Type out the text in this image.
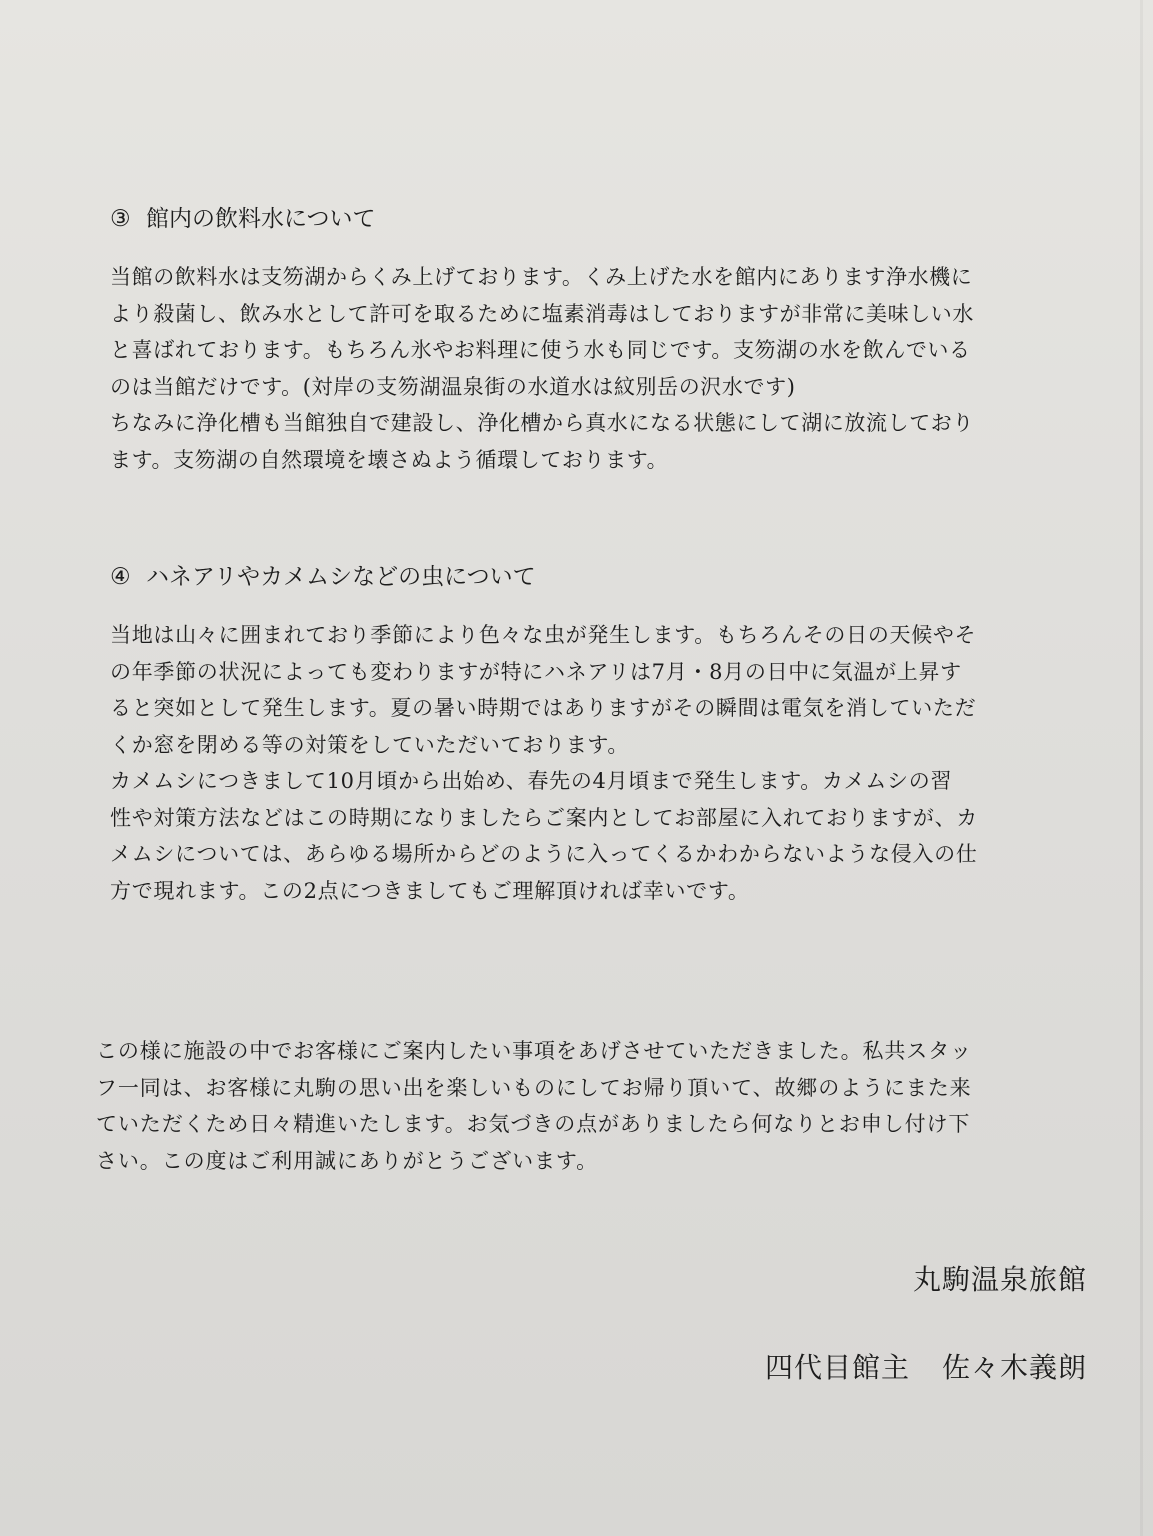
③ 館内の飲料水について
当館の飲料水は支笏湖からくみ上げております。くみ上げた水を館内にあります浄水機に
より殺菌し、飲み水として許可を取るために塩素消毒はしておりますが非常に美味しい水
と喜ばれております。もちろん氷やお料理に使う水も同じです。支笏湖の水を飲んでいる
のは当館だけです。(対岸の支笏湖温泉街の水道水は紋別岳の沢水です)
ちなみに浄化槽も当館独自で建設し、浄化槽から真水になる状態にして湖に放流しており
ます。支笏湖の自然環境を壊さぬよう循環しております。
④ ハネアリやカメムシなどの虫について
当地は山々に囲まれており季節により色々な虫が発生します。もちろんその日の天候やそ
の年季節の状況によっても変わりますが特にハネアリは7月・8月の日中に気温が上昇す
ると突如として発生します。夏の暑い時期ではありますがその瞬間は電気を消していただ
くか窓を閉める等の対策をしていただいております。
カメムシにつきまして10月頃から出始め、春先の4月頃まで発生します。カメムシの習
性や対策方法などはこの時期になりましたらご案内としてお部屋に入れておりますが、カ
メムシについては、あらゆる場所からどのように入ってくるかわからないような侵入の仕
方で現れます。この2点につきましてもご理解頂ければ幸いです。
この様に施設の中でお客様にご案内したい事項をあげさせていただきました。私共スタッ
フ一同は、お客様に丸駒の思い出を楽しいものにしてお帰り頂いて、故郷のようにまた来
ていただくため日々精進いたします。お気づきの点がありましたら何なりとお申し付け下
さい。この度はご利用誠にありがとうございます。
丸駒温泉旅館
四代目館主 佐々木義朗
